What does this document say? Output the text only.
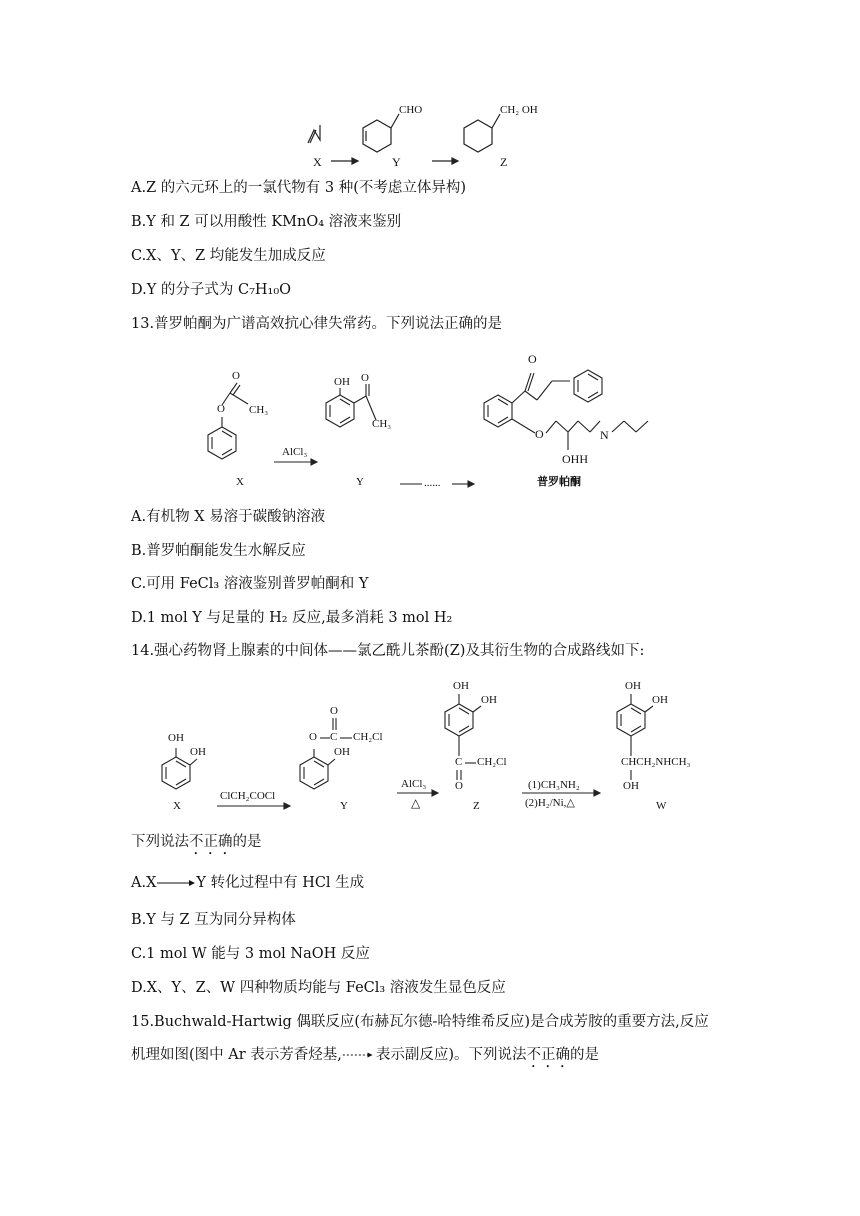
X	Y	Z
CHO	CH₂ OH
A.Z 的六元环上的一氯代物有 3 种(不考虑立体异构)
B.Y 和 Z 可以用酸性 KMnO₄ 溶液来鉴别
C.X、Y、Z 均能发生加成反应
D.Y 的分子式为 C₇H₁₀O
13.普罗帕酮为广谱高效抗心律失常药。下列说法正确的是
O
O CH₃
X
AlCl₃
OH O
CH₃
Y	......
O
O	N
OHH
普罗帕酮
A.有机物 X 易溶于碳酸钠溶液
B.普罗帕酮能发生水解反应
C.可用 FeCl₃ 溶液鉴别普罗帕酮和 Y
D.1 mol Y 与足量的 H₂ 反应,最多消耗 3 mol H₂
14.强心药物肾上腺素的中间体——氯乙酰儿茶酚(Z)及其衍生物的合成路线如下:
OH
OH
X
ClCH₂COCl
O C
O
CH₂Cl
OH
Y
AlCl₃
△
OH
OH
C CH₂Cl
O
Z
(1)CH₃NH₂
(2)H₂/Ni,△
OH
OH
CHCH₂NHCH₃
OH
W
下列说法不正确的是
A.X	Y 转化过程中有 HCl 生成
B.Y 与 Z 互为同分异构体
C.1 mol W 能与 3 mol NaOH 反应
D.X、Y、Z、W 四种物质均能与 FeCl₃ 溶液发生显色反应
15.Buchwald-Hartwig 偶联反应(布赫瓦尔德-哈特维希反应)是合成芳胺的重要方法,反应
机理如图(图中 Ar 表示芳香烃基, 表示副反应)。下列说法不正确的是
